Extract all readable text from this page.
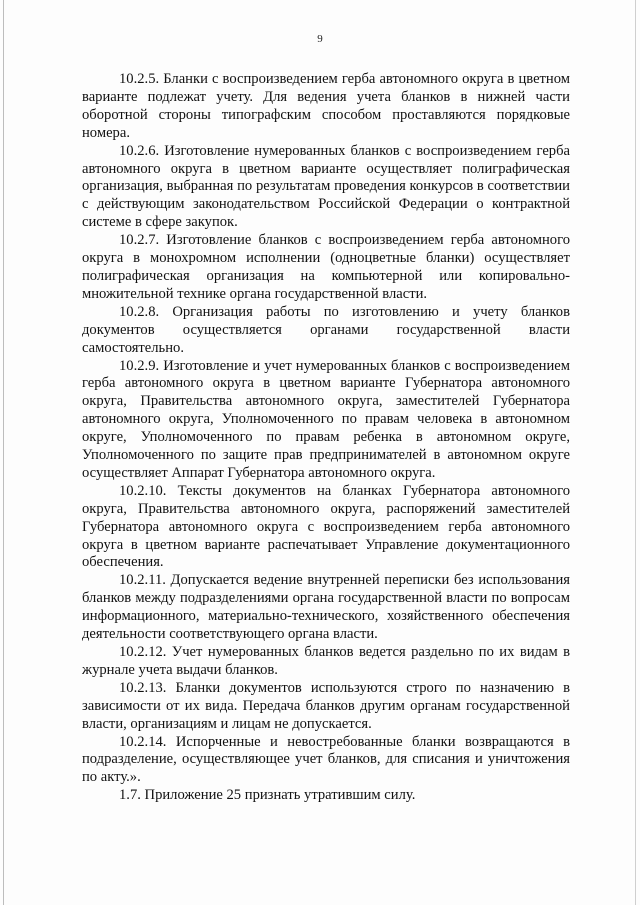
9

10.2.5. Бланки с воспроизведением герба автономного округа в цветном варианте подлежат учету. Для ведения учета бланков в нижней части оборотной стороны типографским способом проставляются порядковые номера.

10.2.6. Изготовление нумерованных бланков с воспроизведением герба автономного округа в цветном варианте осуществляет полиграфическая организация, выбранная по результатам проведения конкурсов в соответствии с действующим законодательством Российской Федерации о контрактной системе в сфере закупок.

10.2.7. Изготовление бланков с воспроизведением герба автономного округа в монохромном исполнении (одноцветные бланки) осуществляет полиграфическая организация на компьютерной или копировально-множительной технике органа государственной власти.

10.2.8. Организация работы по изготовлению и учету бланков документов осуществляется органами государственной власти самостоятельно.

10.2.9. Изготовление и учет нумерованных бланков с воспроизведением герба автономного округа в цветном варианте Губернатора автономного округа, Правительства автономного округа, заместителей Губернатора автономного округа, Уполномоченного по правам человека в автономном округе, Уполномоченного по правам ребенка в автономном округе, Уполномоченного по защите прав предпринимателей в автономном округе осуществляет Аппарат Губернатора автономного округа.

10.2.10. Тексты документов на бланках Губернатора автономного округа, Правительства автономного округа, распоряжений заместителей Губернатора автономного округа с воспроизведением герба автономного округа в цветном варианте распечатывает Управление документационного обеспечения.

10.2.11. Допускается ведение внутренней переписки без использования бланков между подразделениями органа государственной власти по вопросам информационного, материально-технического, хозяйственного обеспечения деятельности соответствующего органа власти.

10.2.12. Учет нумерованных бланков ведется раздельно по их видам в журнале учета выдачи бланков.

10.2.13. Бланки документов используются строго по назначению в зависимости от их вида. Передача бланков другим органам государственной власти, организациям и лицам не допускается.

10.2.14. Испорченные и невостребованные бланки возвращаются в подразделение, осуществляющее учет бланков, для списания и уничтожения по акту.».

1.7. Приложение 25 признать утратившим силу.
